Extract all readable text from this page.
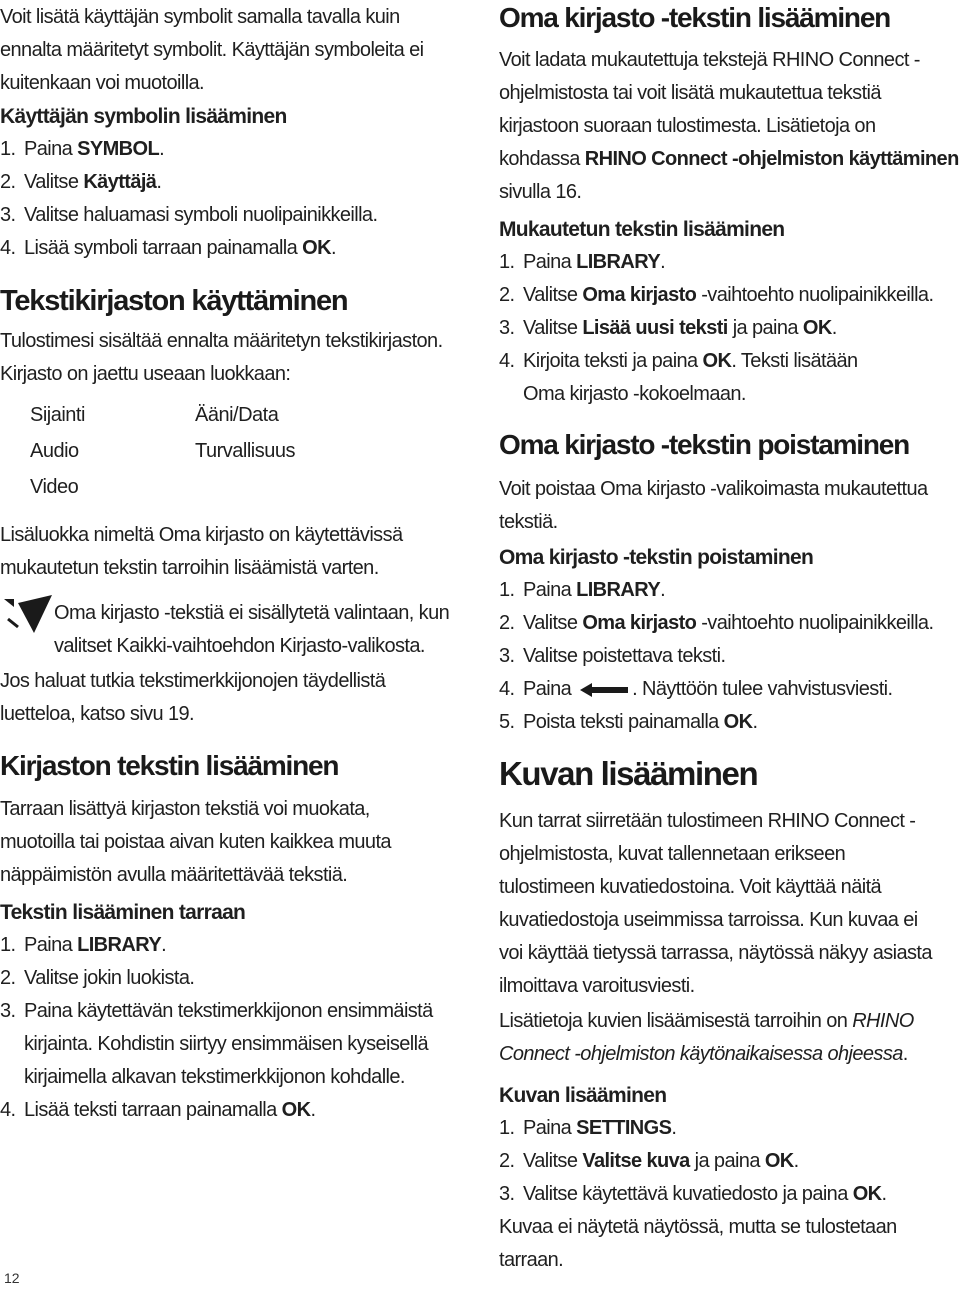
Voit lisätä käyttäjän symbolit samalla tavalla kuin ennalta määritetyt symbolit. Käyttäjän symboleita ei kuitenkaan voi muotoilla.

Käyttäjän symbolin lisääminen
1. Paina SYMBOL.
2. Valitse Käyttäjä.
3. Valitse haluamasi symboli nuolipainikkeilla.
4. Lisää symboli tarraan painamalla OK.
Tekstikirjaston käyttäminen

Tulostimesi sisältää ennalta määritetyn tekstikirjaston. Kirjasto on jaettu useaan luokkaan:

Sijainti	Ääni/Data
Audio	Turvallisuus
Video

Lisäluokka nimeltä Oma kirjasto on käytettävissä mukautetun tekstin tarroihin lisäämistä varten.

Oma kirjasto -tekstiä ei sisällytetä valintaan, kun valitset Kaikki-vaihtoehdon Kirjasto-valikosta.

Jos haluat tutkia tekstimerkkijonojen täydellistä luetteloa, katso sivu 19.

Kirjaston tekstin lisääminen

Tarraan lisättyä kirjaston tekstiä voi muokata, muotoilla tai poistaa aivan kuten kaikkea muuta näppäimistön avulla määritettävää tekstiä.

Tekstin lisääminen tarraan
1. Paina LIBRARY.
2. Valitse jokin luokista.
3. Paina käytettävän tekstimerkkijonon ensimmäistä kirjainta. Kohdistin siirtyy ensimmäisen kyseisellä kirjaimella alkavan tekstimerkkijonon kohdalle.
4. Lisää teksti tarraan painamalla OK.
Oma kirjasto -tekstin lisääminen

Voit ladata mukautettuja tekstejä RHINO Connect -ohjelmistosta tai voit lisätä mukautettua tekstiä kirjastoon suoraan tulostimesta. Lisätietoja on kohdassa RHINO Connect -ohjelmiston käyttäminen sivulla 16.

Mukautetun tekstin lisääminen
1. Paina LIBRARY.
2. Valitse Oma kirjasto -vaihtoehto nuolipainikkeilla.
3. Valitse Lisää uusi teksti ja paina OK.
4. Kirjoita teksti ja paina OK. Teksti lisätään Oma kirjasto -kokoelmaan.
Oma kirjasto -tekstin poistaminen

Voit poistaa Oma kirjasto -valikoimasta mukautettua tekstiä.

Oma kirjasto -tekstin poistaminen
1. Paina LIBRARY.
2. Valitse Oma kirjasto -vaihtoehto nuolipainikkeilla.
3. Valitse poistettava teksti.
4. Paina	. Näyttöön tulee vahvistusviesti.
5. Poista teksti painamalla OK.
Kuvan lisääminen

Kun tarrat siirretään tulostimeen RHINO Connect -ohjelmistosta, kuvat tallennetaan erikseen tulostimeen kuvatiedostoina. Voit käyttää näitä kuvatiedostoja useimmissa tarroissa. Kun kuvaa ei voi käyttää tietyssä tarrassa, näytössä näkyy asiasta ilmoittava varoitusviesti.

Lisätietoja kuvien lisäämisestä tarroihin on RHINO Connect -ohjelmiston käytönaikaisessa ohjeessa.

Kuvan lisääminen
1. Paina SETTINGS.
2. Valitse Valitse kuva ja paina OK.
3. Valitse käytettävä kuvatiedosto ja paina OK.

Kuvaa ei näytetä näytössä, mutta se tulostetaan tarraan.

12
